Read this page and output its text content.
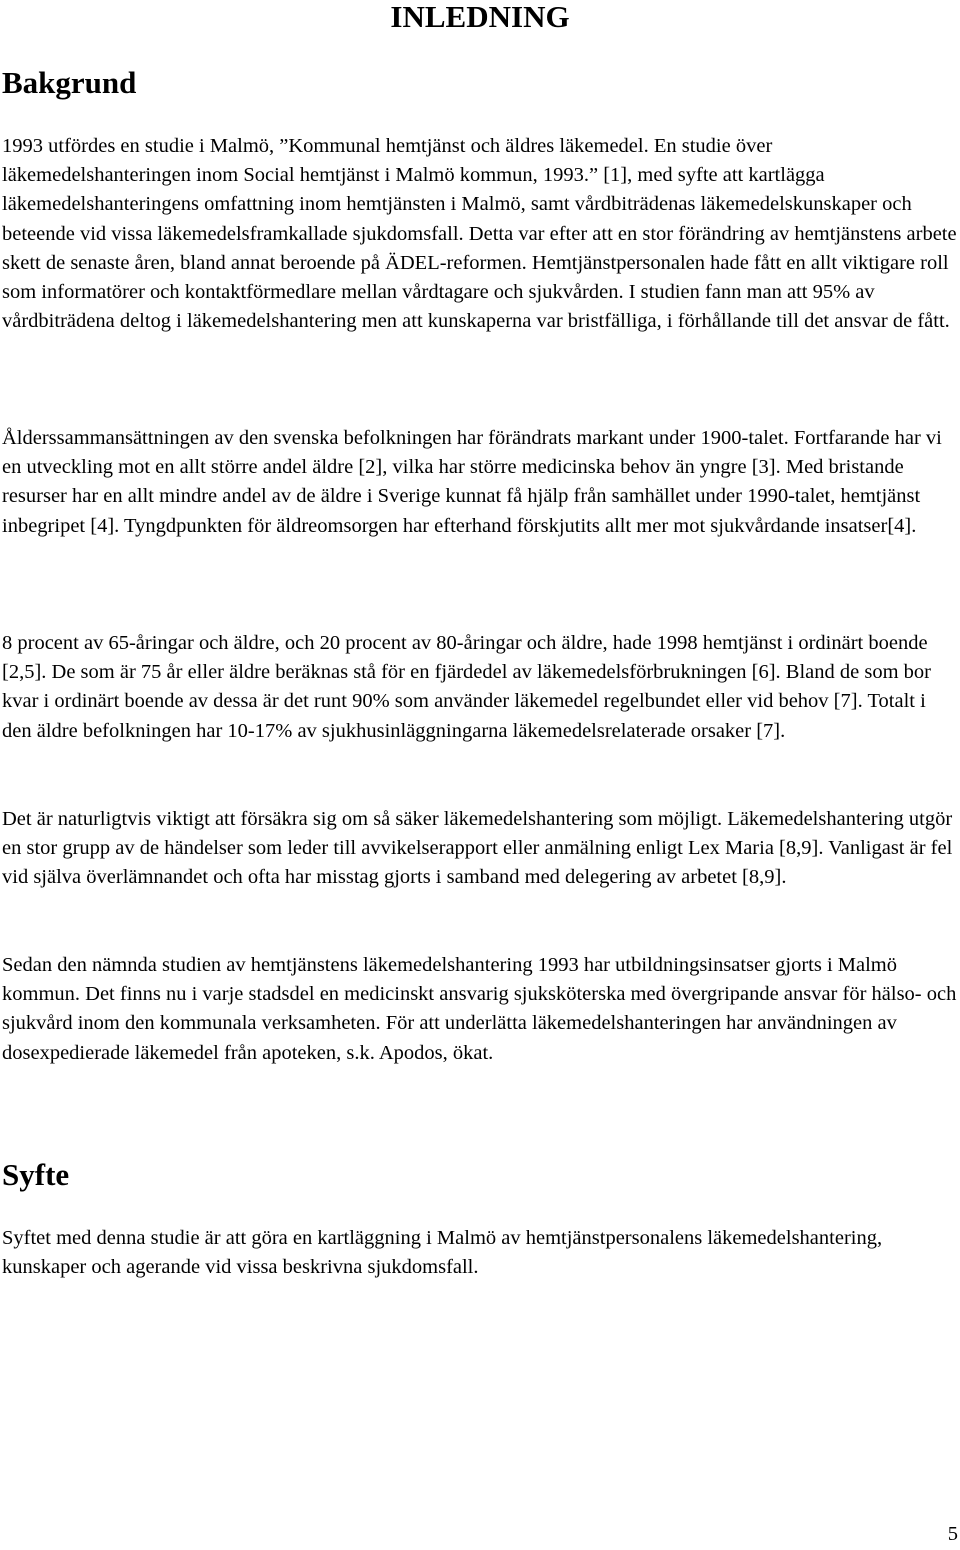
INLEDNING
Bakgrund

1993 utfördes en studie i Malmö, ”Kommunal hemtjänst och äldres läkemedel. En studie över läkemedelshanteringen inom Social hemtjänst i Malmö kommun, 1993.” [1], med syfte att kartlägga läkemedelshanteringens omfattning inom hemtjänsten i Malmö, samt vårdbiträdenas läkemedelskunskaper och beteende vid vissa läkemedelsframkallade sjukdomsfall. Detta var efter att en stor förändring av hemtjänstens arbete skett de senaste åren, bland annat beroende på ÄDEL-reformen. Hemtjänstpersonalen hade fått en allt viktigare roll som informatörer och kontaktförmedlare mellan vårdtagare och sjukvården. I studien fann man att 95% av vårdbiträdena deltog i läkemedelshantering men att kunskaperna var bristfälliga, i förhållande till det ansvar de fått.

Ålderssammansättningen av den svenska befolkningen har förändrats markant under 1900-talet. Fortfarande har vi en utveckling mot en allt större andel äldre [2], vilka har större medicinska behov än yngre [3]. Med bristande resurser har en allt mindre andel av de äldre i Sverige kunnat få hjälp från samhället under 1990-talet, hemtjänst inbegripet [4]. Tyngdpunkten för äldreomsorgen har efterhand förskjutits allt mer mot sjukvårdande insatser[4].

8 procent av 65-åringar och äldre, och 20 procent av 80-åringar och äldre, hade 1998 hemtjänst i ordinärt boende [2,5]. De som är 75 år eller äldre beräknas stå för en fjärdedel av läkemedelsförbrukningen [6]. Bland de som bor kvar i ordinärt boende av dessa är det runt 90% som använder läkemedel regelbundet eller vid behov [7]. Totalt i den äldre befolkningen har 10-17% av sjukhusinläggningarna läkemedelsrelaterade orsaker [7].

Det är naturligtvis viktigt att försäkra sig om så säker läkemedelshantering som möjligt. Läkemedelshantering utgör en stor grupp av de händelser som leder till avvikelserapport eller anmälning enligt Lex Maria [8,9]. Vanligast är fel vid själva överlämnandet och ofta har misstag gjorts i samband med delegering av arbetet [8,9].

Sedan den nämnda studien av hemtjänstens läkemedelshantering 1993 har utbildningsinsatser gjorts i Malmö kommun. Det finns nu i varje stadsdel en medicinskt ansvarig sjuksköterska med övergripande ansvar för hälso- och sjukvård inom den kommunala verksamheten. För att underlätta läkemedelshanteringen har användningen av dosexpedierade läkemedel från apoteken, s.k. Apodos, ökat.

Syfte

Syftet med denna studie är att göra en kartläggning i Malmö av hemtjänstpersonalens läkemedelshantering, kunskaper och agerande vid vissa beskrivna sjukdomsfall.

5
